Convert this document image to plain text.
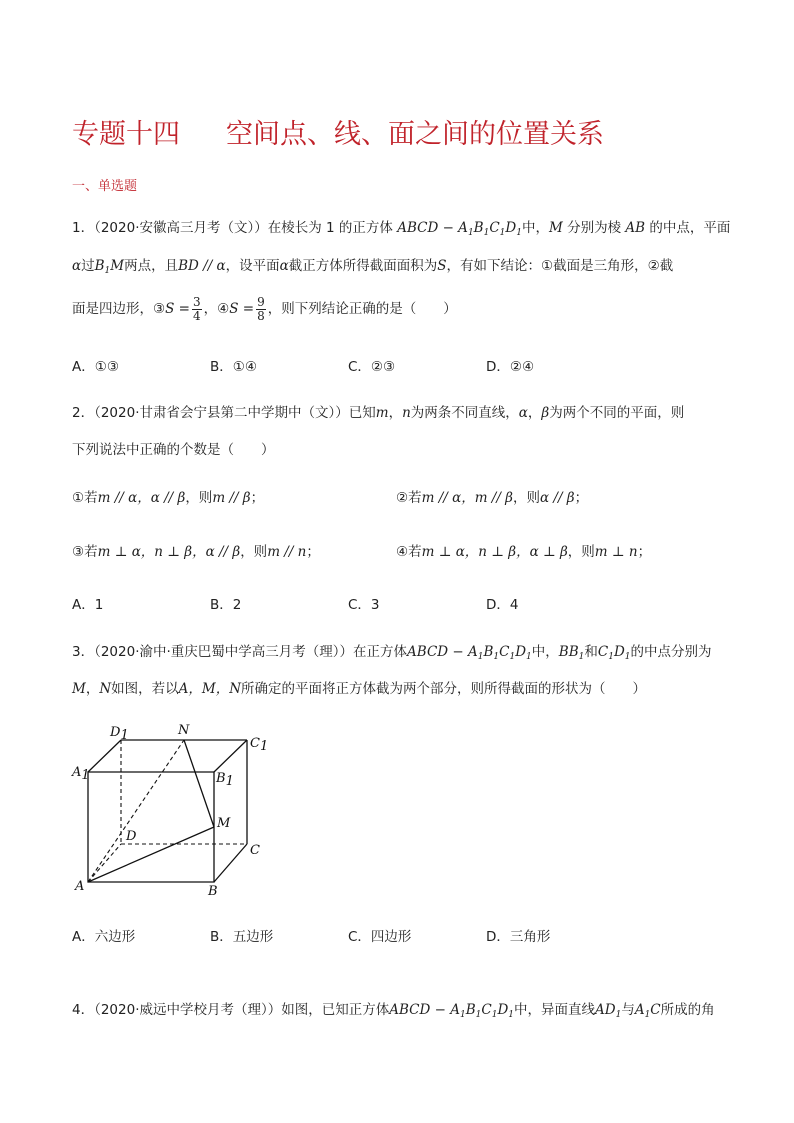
专题十四 空间点、线、面之间的位置关系
一、单选题
1．（2020·安徽高三月考（文））在棱长为 1 的正方体 ABCD − $A_1B_1C_1D_1$中，M 分别为棱 AB 的中点，平面
α过$B_1M$两点，且BD // α，设平面α截正方体所得截面面积为S，有如下结论：①截面是三角形，②截
面是四边形，③S = $\frac{3}{4}$ ，④S = $\frac{9}{8}$ ，则下列结论正确的是（　　）
A．①③	B．①④	C．②③	D．②④
2．（2020·甘肃省会宁县第二中学期中（文））已知m，n为两条不同直线，α，β为两个不同的平面，则
下列说法中正确的个数是（　　）
①若m // α，α // β，则m // β；	②若m // α，m // β，则α // β；
③若m ⊥ α，n ⊥ β，α // β，则m // n；	④若m ⊥ α，n ⊥ β，α ⊥ β，则m ⊥ n；
A．1	B．2	C．3	D．4
3．（2020·渝中·重庆巴蜀中学高三月考（理））在正方体ABCD − $A_1B_1C_1D_1$中，$BB_1$和$C_1D_1$的中点分别为
M，N如图，若以A，M，N所确定的平面将正方体截为两个部分，则所得截面的形状为（　　）
D1	N
C1
A1	B1
M
D
C
A	B
A．六边形	B．五边形	C．四边形	D．三角形
4．（2020·威远中学校月考（理））如图，已知正方体ABCD − $A_1B_1C_1D_1$中，异面直线$AD_1$与$A_1C$所成的角
